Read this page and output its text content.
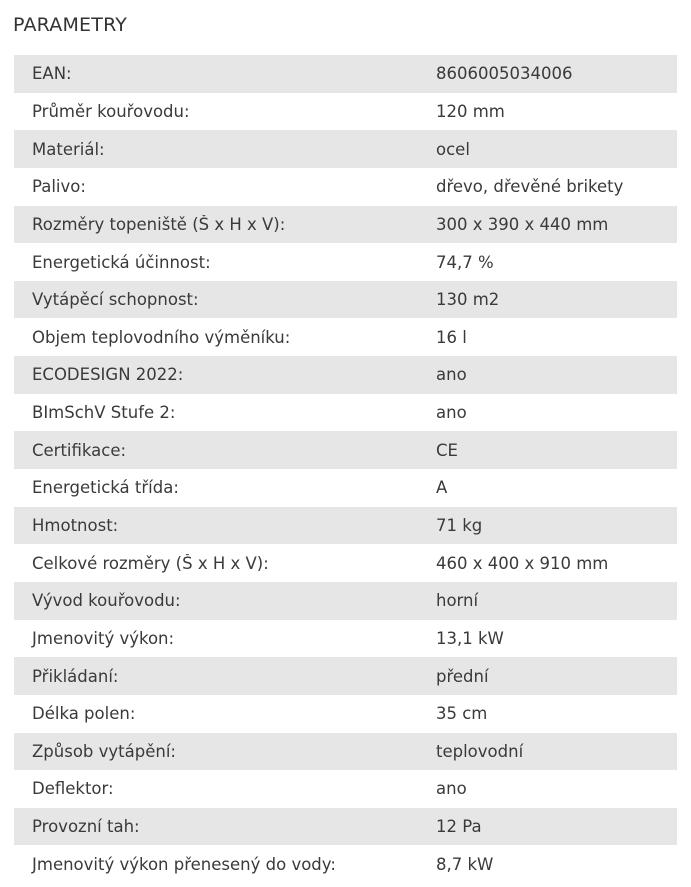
PARAMETRY
EAN:	8606005034006
Průměr kouřovodu:	120 mm
Materiál:	ocel
Palivo:	dřevo, dřevěné brikety
Rozměry topeniště (Š x H x V):	300 x 390 x 440 mm
Energetická účinnost:	74,7 %
Vytápěcí schopnost:	130 m2
Objem teplovodního výměníku:	16 l
ECODESIGN 2022:	ano
BImSchV Stufe 2:	ano
Certifikace:	CE
Energetická třída:	A
Hmotnost:	71 kg
Celkové rozměry (Š x H x V):	460 x 400 x 910 mm
Vývod kouřovodu:	horní
Jmenovitý výkon:	13,1 kW
Přikládaní:	přední
Délka polen:	35 cm
Způsob vytápění:	teplovodní
Deflektor:	ano
Provozní tah:	12 Pa
Jmenovitý výkon přenesený do vody:	8,7 kW
